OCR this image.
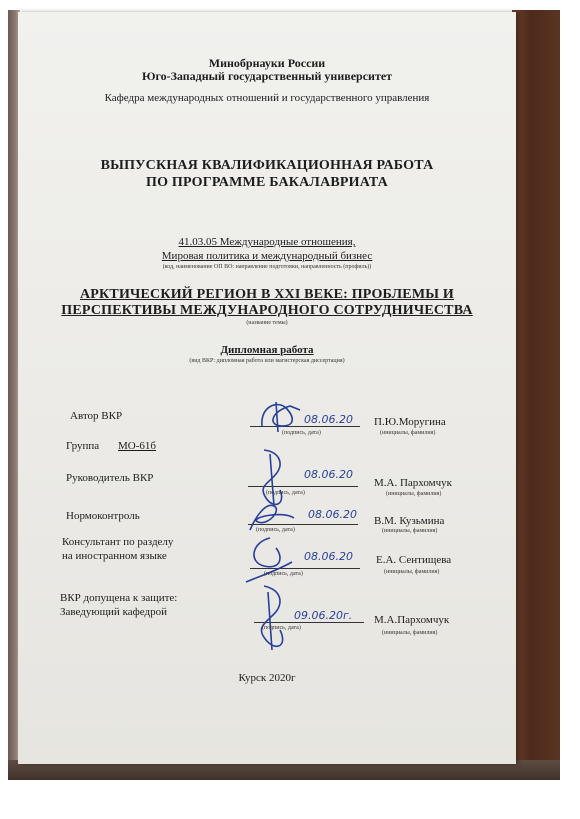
Минобрнауки России
Юго-Западный государственный университет
Кафедра международных отношений и государственного управления
ВЫПУСКНАЯ КВАЛИФИКАЦИОННАЯ РАБОТА
ПО ПРОГРАММЕ БАКАЛАВРИАТА
41.03.05 Международные отношения,
Мировая политика и международный бизнес
(код, наименование ОП ВО: направление подготовки, направленность (профиль))
АРКТИЧЕСКИЙ РЕГИОН В XXI ВЕКЕ: ПРОБЛЕМЫ И
ПЕРСПЕКТИВЫ МЕЖДУНАРОДНОГО СОТРУДНИЧЕСТВА
(название темы)
Дипломная работа
(вид ВКР: дипломная работа или магистерская диссертация)
Автор ВКР	08.06.20
(подпись, дата)
П.Ю.Моругина
(инициалы, фамилия)
Группа МО-61б
Руководитель ВКР	08.06.20
(подпись, дата)
М.А. Пархомчук
(инициалы, фамилия)
Нормоконтроль	08.06.20
(подпись, дата)
В.М. Кузьмина
(инициалы, фамилия)
Консультант по разделу
на иностранном языке	08.06.20
(подпись, дата)
Е.А. Сентищева
(инициалы, фамилия)
ВКР допущена к защите:
Заведующий кафедрой	09.06.20г.
(подпись, дата)
М.А.Пархомчук
(инициалы, фамилия)
Курск 2020г
